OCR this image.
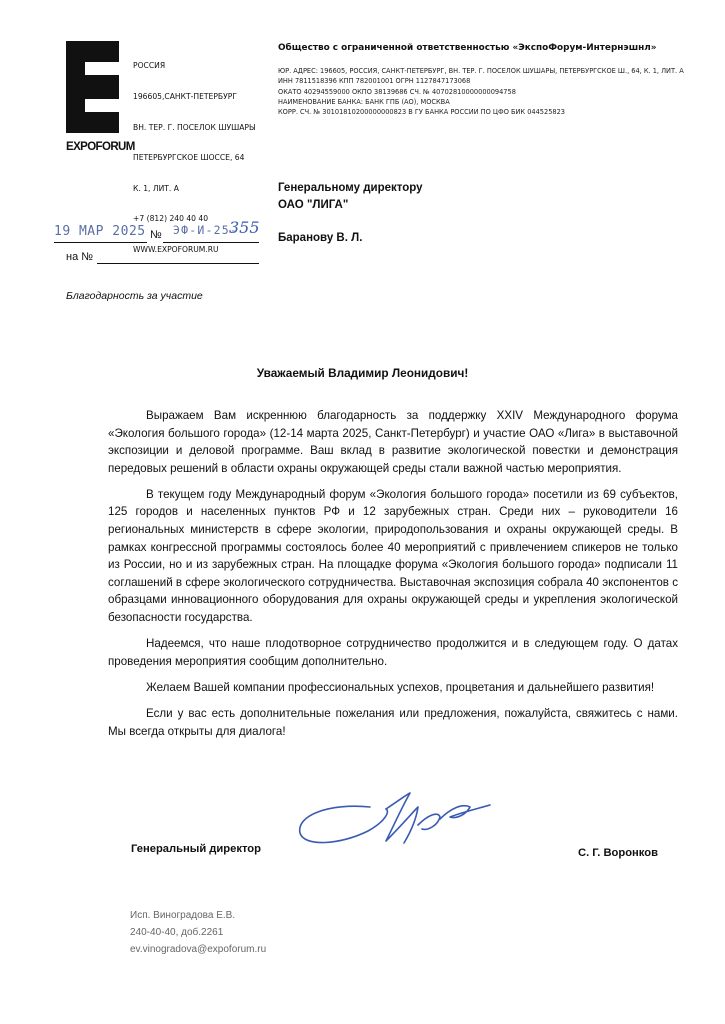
EXPOFORUM

РОССИЯ

196605,САНКТ-ПЕТЕРБУРГ

ВН. ТЕР. Г. ПОСЕЛОК ШУШАРЫ

ПЕТЕРБУРГСКОЕ ШОССЕ, 64

К. 1, ЛИТ. А

+7 (812) 240 40 40

WWW.EXPOFORUM.RU

Общество с ограниченной ответственностью «ЭкспоФорум-Интернэшнл»
ЮР. АДРЕС: 196605, РОССИЯ, САНКТ-ПЕТЕРБУРГ, ВН. ТЕР. Г. ПОСЕЛОК ШУШАРЫ, ПЕТЕРБУРГСКОЕ Ш., 64, К. 1, ЛИТ. А
ИНН 7811518396 КПП 782001001 ОГРН 1127847173068
ОКАТО 40294559000 ОКПО 38139686 СЧ. № 40702810000000094758
НАИМЕНОВАНИЕ БАНКА: БАНК ГПБ (АО), МОСКВА
КОРР. СЧ. № 30101810200000000823 В ГУ БАНКА РОССИИ ПО ЦФО БИК 044525823
Генеральному директору
ОАО "ЛИГА"
19 МАР 2025 № ЭФ-И-25-
355
Баранову В. Л.
на №
Благодарность за участие
Уважаемый Владимир Леонидович!

Выражаем Вам искреннюю благодарность за поддержку XXIV Международного форума «Экология большого города» (12-14 марта 2025, Санкт-Петербург) и участие ОАО «Лига» в выставочной экспозиции и деловой программе. Ваш вклад в развитие экологической повестки и демонстрация передовых решений в области охраны окружающей среды стали важной частью мероприятия.

В текущем году Международный форум «Экология большого города» посетили из 69 субъектов, 125 городов и населенных пунктов РФ и 12 зарубежных стран. Среди них – руководители 16 региональных министерств в сфере экологии, природопользования и охраны окружающей среды. В рамках конгрессной программы состоялось более 40 мероприятий с привлечением спикеров не только из России, но и из зарубежных стран. На площадке форума «Экология большого города» подписали 11 соглашений в сфере экологического сотрудничества. Выставочная экспозиция собрала 40 экспонентов с образцами инновационного оборудования для охраны окружающей среды и укрепления экологической безопасности государства.

Надеемся, что наше плодотворное сотрудничество продолжится и в следующем году. О датах проведения мероприятия сообщим дополнительно.

Желаем Вашей компании профессиональных успехов, процветания и дальнейшего развития!

Если у вас есть дополнительные пожелания или предложения, пожалуйста, свяжитесь с нами. Мы всегда открыты для диалога!

Генеральный директор	С. Г. Воронков
Исп. Виноградова Е.В.
240-40-40, доб.2261
ev.vinogradova@expoforum.ru
